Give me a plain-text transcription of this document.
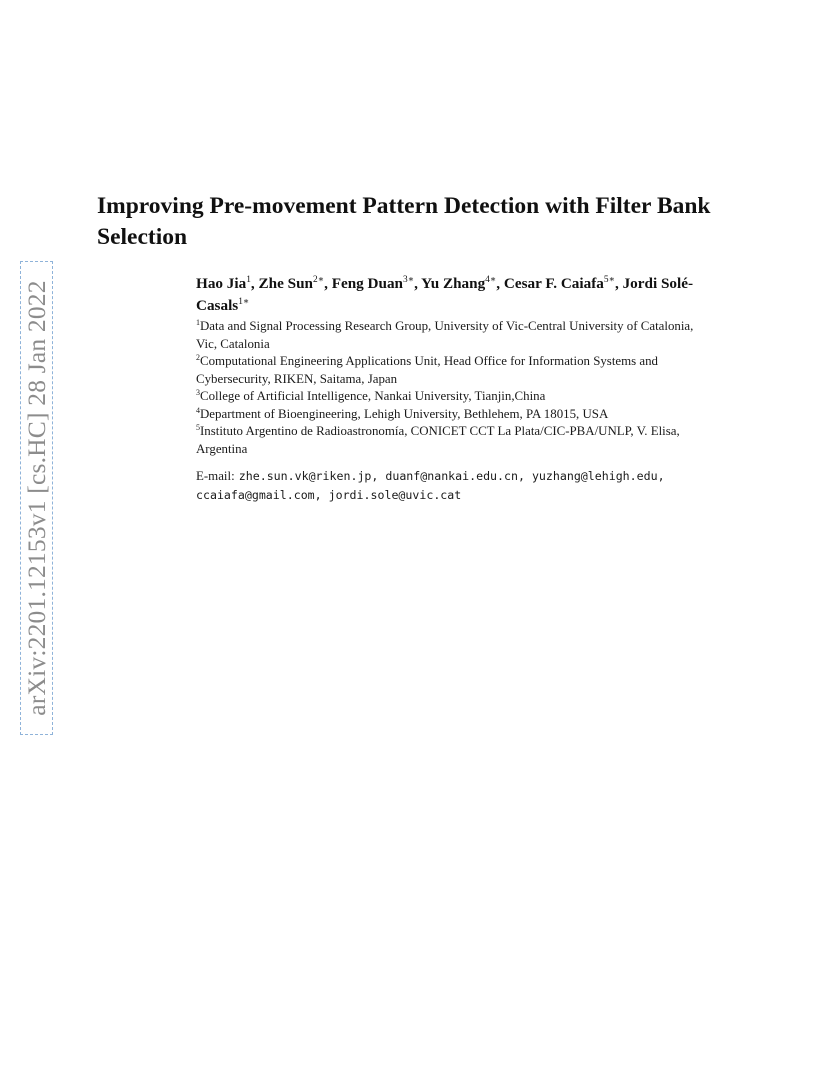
arXiv:2201.12153v1 [cs.HC] 28 Jan 2022
Improving Pre-movement Pattern Detection with Filter Bank Selection
Hao Jia$^1$, Zhe Sun$^{2∗}$, Feng Duan$^{3∗}$, Yu Zhang$^{4∗}$, Cesar F. Caiafa$^{5∗}$, Jordi Solé-Casals$^{1∗}$

$^1$Data and Signal Processing Research Group, University of Vic-Central University of Catalonia, Vic, Catalonia

$^2$Computational Engineering Applications Unit, Head Office for Information Systems and Cybersecurity, RIKEN, Saitama, Japan

$^3$College of Artificial Intelligence, Nankai University, Tianjin,China

$^4$Department of Bioengineering, Lehigh University, Bethlehem, PA 18015, USA

$^5$Instituto Argentino de Radioastronomía, CONICET CCT La Plata/CIC-PBA/UNLP, V. Elisa, Argentina

E-mail: zhe.sun.vk@riken.jp, duanf@nankai.edu.cn, yuzhang@lehigh.edu, ccaiafa@gmail.com, jordi.sole@uvic.cat
